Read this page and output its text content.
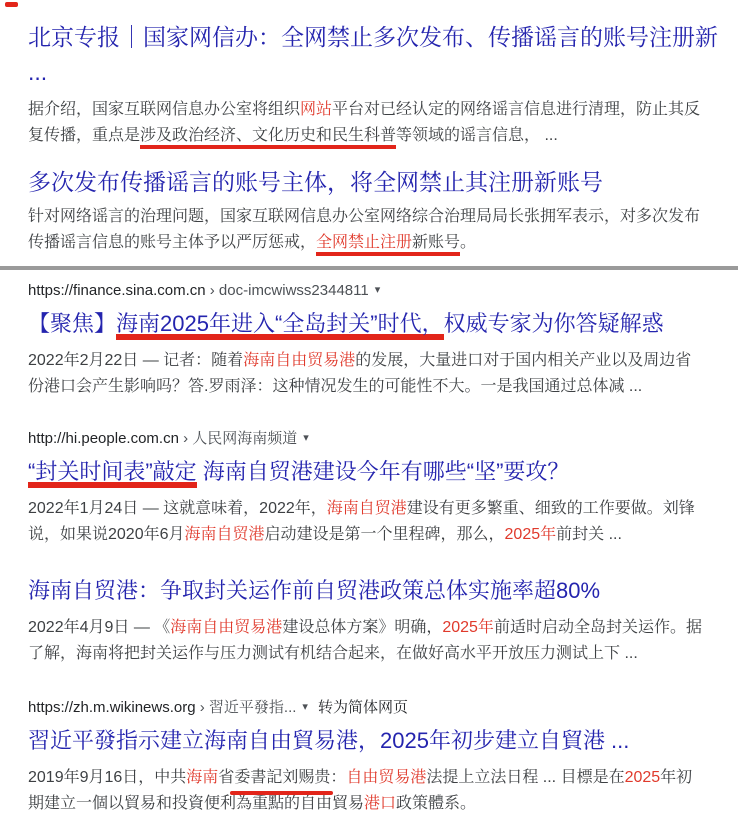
北京专报｜国家网信办：全网禁止多次发布、传播谣言的账号注册新
...
据介绍，国家互联网信息办公室将组织网站平台对已经认定的网络谣言信息进行清理，防止其反复传播，重点是涉及政治经济、文化历史和民生科普等领域的谣言信息， ...
多次发布传播谣言的账号主体，将全网禁止其注册新账号
针对网络谣言的治理问题，国家互联网信息办公室网络综合治理局局长张拥军表示，对多次发布传播谣言信息的账号主体予以严厉惩戒，全网禁止注册新账号。
https://finance.sina.com.cn › doc-imcwiwss2344811 ▾
【聚焦】海南2025年进入“全岛封关”时代，权威专家为你答疑解惑
2022年2月22日 — 记者：随着海南自由贸易港的发展，大量进口对于国内相关产业以及周边省份港口会产生影响吗？答.罗雨泽：这种情况发生的可能性不大。一是我国通过总体减 ...
http://hi.people.com.cn › 人民网海南频道 ▾
“封关时间表”敲定 海南自贸港建设今年有哪些“坚”要攻？
2022年1月24日 — 这就意味着，2022年，海南自贸港建设有更多繁重、细致的工作要做。刘锋说，如果说2020年6月海南自贸港启动建设是第一个里程碑，那么，2025年前封关 ...
海南自贸港：争取封关运作前自贸港政策总体实施率超80%
2022年4月9日 — 《海南自由贸易港建设总体方案》明确，2025年前适时启动全岛封关运作。据了解，海南将把封关运作与压力测试有机结合起来，在做好高水平开放压力测试上下 ...
https://zh.m.wikinews.org › 習近平發指... ▾ 转为简体网页
習近平發指示建立海南自由貿易港，2025年初步建立自貿港 ...
2019年9月16日，中共海南省委書記刘赐贵：自由贸易港法提上立法日程 ... 目標是在2025年初期建立一個以貿易和投資便利為重點的自由貿易港口政策體系。
